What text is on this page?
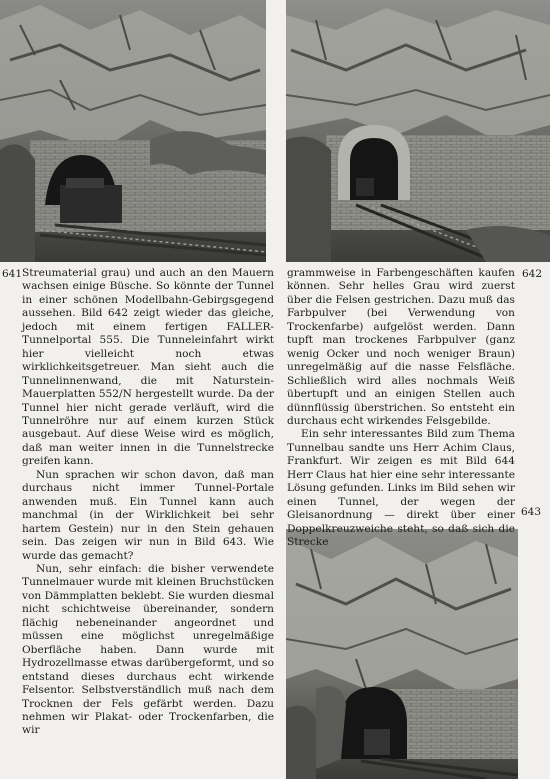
641	642
643

Streumaterial grau) und auch an den Mauern wachsen einige Büsche. So könnte der Tunnel in einer schönen Modellbahn-Gebirgsgegend aussehen. Bild 642 zeigt wieder das gleiche, jedoch mit einem fertigen FALLER-Tunnelportal 555. Die Tunneleinfahrt wirkt hier vielleicht noch etwas wirklichkeitsgetreuer. Man sieht auch die Tunnelinnenwand, die mit Naturstein-Mauerplatten 552/N hergestellt wurde. Da der Tunnel hier nicht gerade verläuft, wird die Tunnelröhre nur auf einem kurzen Stück ausgebaut. Auf diese Weise wird es möglich, daß man weiter innen in die Tunnelstrecke greifen kann.

Nun sprachen wir schon davon, daß man durchaus nicht immer Tunnel-Portale anwenden muß. Ein Tunnel kann auch manchmal (in der Wirklichkeit bei sehr hartem Gestein) nur in den Stein gehauen sein. Das zeigen wir nun in Bild 643. Wie wurde das gemacht?

Nun, sehr einfach: die bisher verwendete Tunnelmauer wurde mit kleinen Bruchstücken von Dämmplatten beklebt. Sie wurden diesmal nicht schichtweise übereinander, sondern flächig nebeneinander angeordnet und müssen eine möglichst unregelmäßige Oberfläche haben. Dann wurde mit Hydrozellmasse etwas darübergeformt, und so entstand dieses durchaus echt wirkende Felsentor. Selbstverständlich muß nach dem Trocknen der Fels gefärbt werden. Dazu nehmen wir Plakat- oder Trockenfarben, die wir

grammweise in Farbengeschäften kaufen können. Sehr helles Grau wird zuerst über die Felsen gestrichen. Dazu muß das Farbpulver (bei Verwendung von Trockenfarbe) aufgelöst werden. Dann tupft man trockenes Farbpulver (ganz wenig Ocker und noch weniger Braun) unregelmäßig auf die nasse Felsfläche. Schließlich wird alles nochmals Weiß übertupft und an einigen Stellen auch dünnflüssig überstrichen. So entsteht ein durchaus echt wirkendes Felsgebilde.

Ein sehr interessantes Bild zum Thema Tunnelbau sandte uns Herr Achim Claus, Frankfurt. Wir zeigen es mit Bild 644 Herr Claus hat hier eine sehr interessante Lösung gefunden. Links im Bild sehen wir einen Tunnel, der wegen der Gleisanordnung — direkt über einer Doppelkreuzweiche steht, so daß sich die Strecke
